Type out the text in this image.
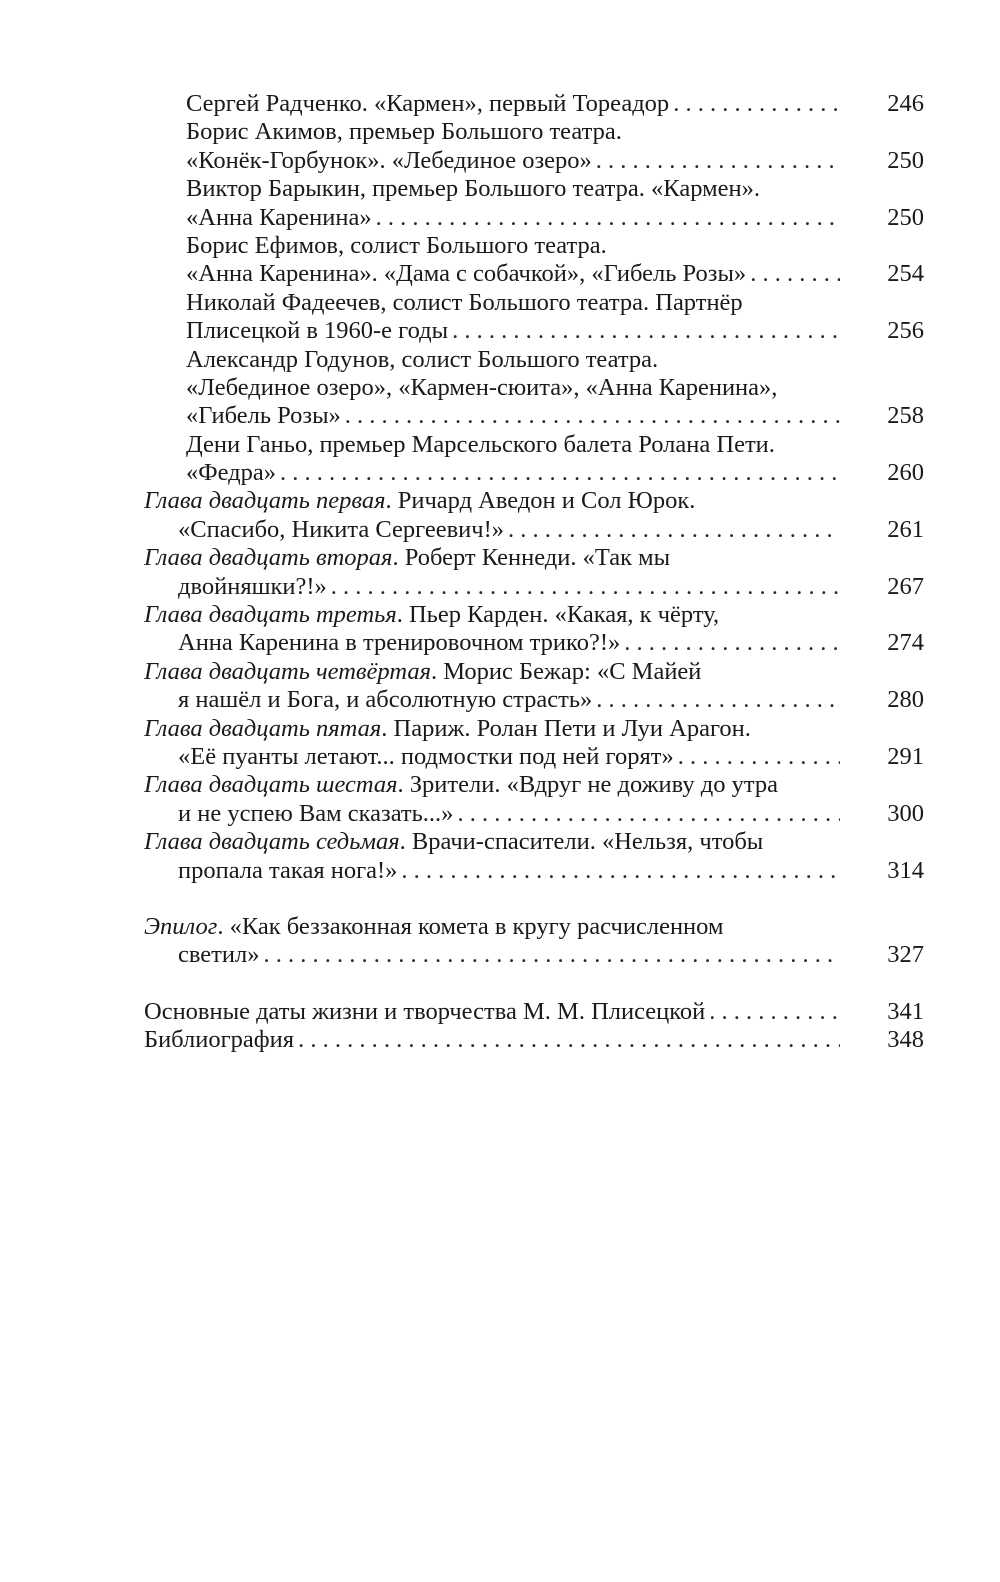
Сергей Радченко. «Кармен», первый Тореадор . . .	246
Борис Акимов, премьер Большого театра.
«Конёк-Горбунок». «Лебединое озеро» . . .	250
Виктор Барыкин, премьер Большого театра. «Кармен».
«Анна Каренина» . . .	250
Борис Ефимов, солист Большого театра.
«Анна Каренина». «Дама с собачкой», «Гибель Розы» . . .	254
Николай Фадеечев, солист Большого театра. Партнёр
Плисецкой в 1960-е годы . . .	256
Александр Годунов, солист Большого театра.
«Лебединое озеро», «Кармен-сюита», «Анна Каренина»,
«Гибель Розы» . . .	258
Дени Ганьо, премьер Марсельского балета Ролана Пети.
«Федра» . . .	260
Глава двадцать первая. Ричард Аведон и Сол Юрок.
«Спасибо, Никита Сергеевич!» . . .	261
Глава двадцать вторая. Роберт Кеннеди. «Так мы
двойняшки?!» . . .	267
Глава двадцать третья. Пьер Карден. «Какая, к чёрту,
Анна Каренина в тренировочном трико?!» . . .	274
Глава двадцать четвёртая. Морис Бежар: «С Майей
я нашёл и Бога, и абсолютную страсть» . . .	280
Глава двадцать пятая. Париж. Ролан Пети и Луи Арагон.
«Её пуанты летают... подмостки под ней горят» . . .	291
Глава двадцать шестая. Зрители. «Вдруг не доживу до утра
и не успею Вам сказать...» . . .	300
Глава двадцать седьмая. Врачи-спасители. «Нельзя, чтобы
пропала такая нога!» . . .	314
Эпилог. «Как беззаконная комета в кругу расчисленном
светил» . . .	327
Основные даты жизни и творчества М. М. Плисецкой . . .	341
Библиография . . .	348
